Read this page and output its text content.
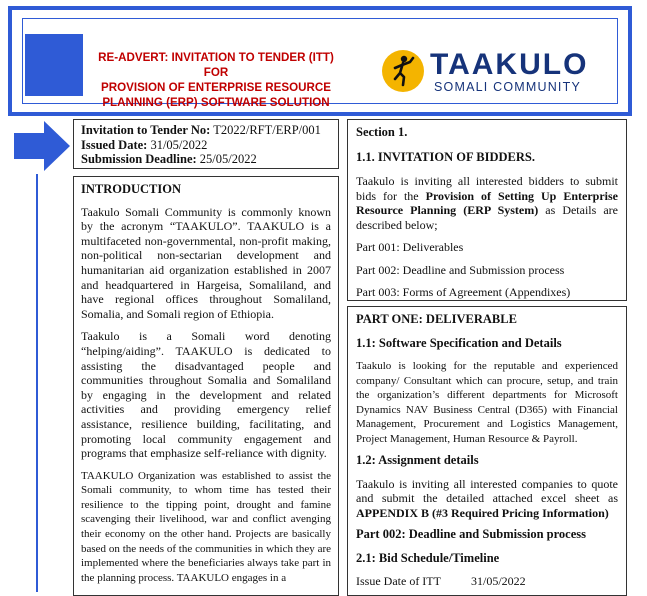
RE-ADVERT: INVITATION TO TENDER (ITT) FOR
PROVISION OF ENTERPRISE RESOURCE
PLANNING (ERP) SOFTWARE SOLUTION
TAAKULO
SOMALI COMMUNITY
Invitation to Tender No: T2022/RFT/ERP/001
Issued Date: 31/05/2022
Submission Deadline: 25/05/2022
INTRODUCTION

Taakulo Somali Community is commonly known by the acronym “TAAKULO”. TAAKULO is a multifaceted non-governmental, non-profit making, non-political non-sectarian development and humanitarian aid organization established in 2007 and headquartered in Hargeisa, Somaliland, and have regional offices throughout Somaliland, Somalia, and Somali region of Ethiopia.

Taakulo is a Somali word denoting “helping/aiding”. TAAKULO is dedicated to assisting the disadvantaged people and communities throughout Somalia and Somaliland by engaging in the development and related activities and providing emergency relief assistance, resilience building, facilitating, and promoting local community engagement and programs that emphasize self-reliance with dignity.

TAAKULO Organization was established to assist the Somali community, to whom time has tested their resilience to the tipping point, drought and famine scavenging their livelihood, war and conflict avenging their economy on the other hand. Projects are basically based on the needs of the communities in which they are implemented where the beneficiaries always take part in the planning process. TAAKULO engages in a

Section 1.
1.1. INVITATION OF BIDDERS.

Taakulo is inviting all interested bidders to submit bids for the Provision of Setting Up Enterprise Resource Planning (ERP System) as Details are described below;

Part 001: Deliverables

Part 002: Deadline and Submission process

Part 003: Forms of Agreement (Appendixes)

PART ONE: DELIVERABLE
1.1: Software Specification and Details

Taakulo is looking for the reputable and experienced company/ Consultant which can procure, setup, and train the organization’s different departments for Microsoft Dynamics NAV Business Central (D365) with Financial Management, Procurement and Logistics Management, Project Management, Human Resource & Payroll.

1.2: Assignment details

Taakulo is inviting all interested companies to quote and submit the detailed attached excel sheet as APPENDIX B (#3 Required Pricing Information)

Part 002: Deadline and Submission process
2.1: Bid Schedule/Timeline
Issue Date of ITT	31/05/2022
